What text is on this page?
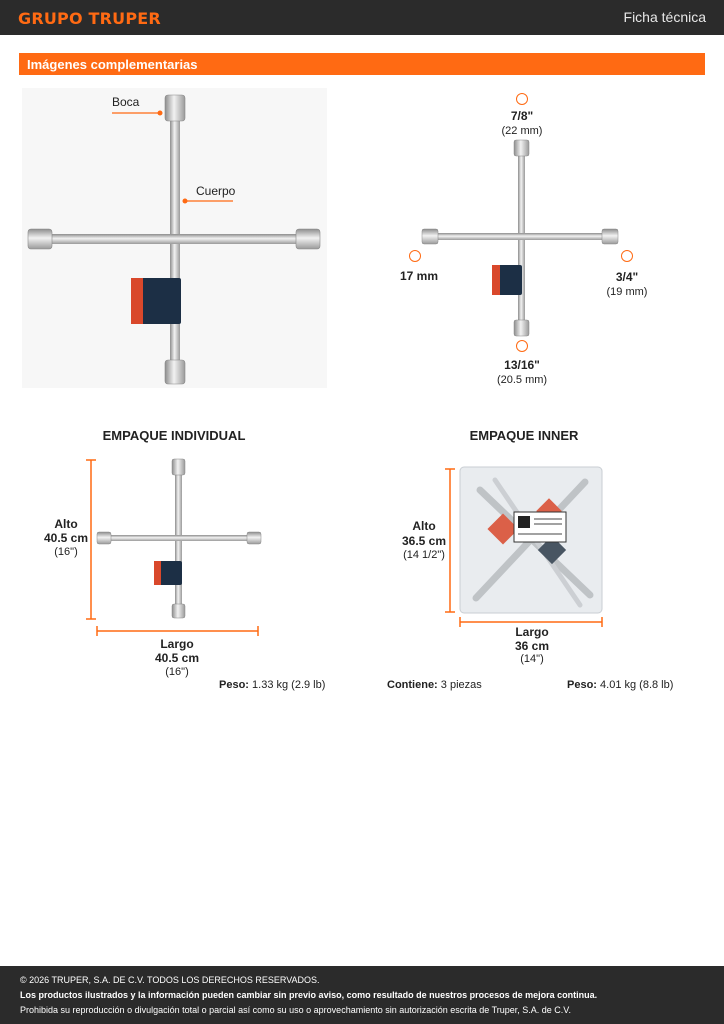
GRUPO TRUPER	Ficha técnica
Imágenes complementarias
Boca
Cuerpo
7/8"
(22 mm)
17 mm	3/4"
(19 mm)
13/16"
(20.5 mm)
EMPAQUE INDIVIDUAL
Alto
40.5 cm
(16")
Largo
40.5 cm
(16")
Peso: 1.33 kg (2.9 lb)
EMPAQUE INNER
Alto
36.5 cm
(14 1/2")
Largo
36 cm
(14")
Contiene: 3 piezas	Peso: 4.01 kg (8.8 lb)
© 2026 TRUPER, S.A. DE C.V. TODOS LOS DERECHOS RESERVADOS.
Los productos ilustrados y la información pueden cambiar sin previo aviso, como resultado de nuestros procesos de mejora continua.
Prohibida su reproducción o divulgación total o parcial así como su uso o aprovechamiento sin autorización escrita de Truper, S.A. de C.V.
